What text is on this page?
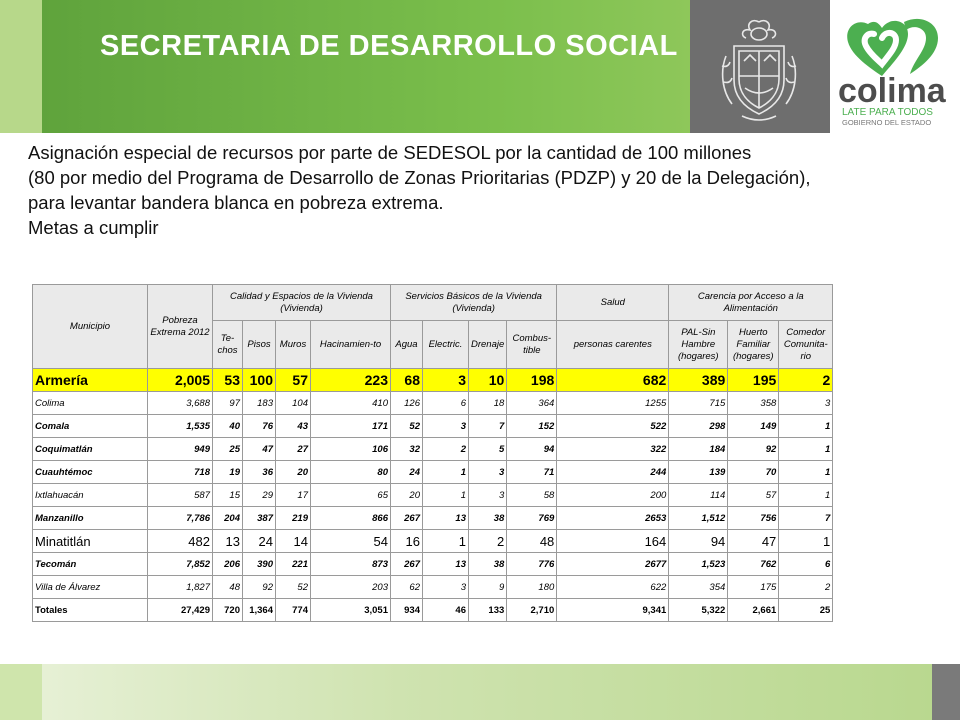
SECRETARIA DE DESARROLLO SOCIAL
colima
LATE PARA TODOS
GOBIERNO DEL ESTADO
Asignación especial de recursos por parte de SEDESOL por la cantidad de 100 millones
(80 por medio del Programa de Desarrollo de Zonas Prioritarias (PDZP) y 20 de la Delegación),
para levantar bandera blanca en pobreza extrema.
Metas a cumplir
Municipio	Pobreza Extrema 2012	Calidad y Espacios de la Vivienda (Vivienda)				Servicios Básicos de la Vivienda (Vivienda)				Salud	Carencia por Acceso a la Alimentación		
		Te-chos	Pisos	Muros	Hacinamien-to	Agua	Electric.	Drenaje	Combus-tible	personas carentes	PAL-Sin Hambre (hogares)	Huerto Familiar (hogares)	Comedor Comunita-rio
Armería	2,005	53	100	57	223	68	3	10	198	682	389	195	2
Colima	3,688	97	183	104	410	126	6	18	364	1255	715	358	3
Comala	1,535	40	76	43	171	52	3	7	152	522	298	149	1
Coquimatlán	949	25	47	27	106	32	2	5	94	322	184	92	1
Cuauhtémoc	718	19	36	20	80	24	1	3	71	244	139	70	1
Ixtlahuacán	587	15	29	17	65	20	1	3	58	200	114	57	1
Manzanillo	7,786	204	387	219	866	267	13	38	769	2653	1,512	756	7
Minatitlán	482	13	24	14	54	16	1	2	48	164	94	47	1
Tecomán	7,852	206	390	221	873	267	13	38	776	2677	1,523	762	6
Villa de Álvarez	1,827	48	92	52	203	62	3	9	180	622	354	175	2
Totales	27,429	720	1,364	774	3,051	934	46	133	2,710	9,341	5,322	2,661	25
